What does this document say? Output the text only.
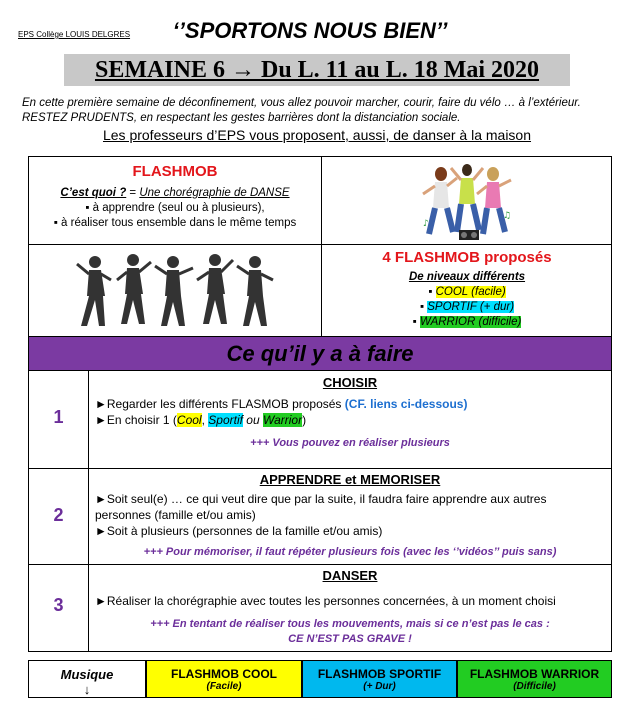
EPS Collège LOUIS DELGRES	‘’SPORTONS NOUS BIEN’’
SEMAINE 6 → Du L. 11 au L. 18 Mai 2020
En cette première semaine de déconfinement, vous allez pouvoir marcher, courir, faire du vélo … à l’extérieur. RESTEZ PRUDENTS, en respectant les gestes barrières dont la distanciation sociale.
Les professeurs d’EPS vous proposent, aussi, de danser à la maison
FLASHMOB
C’est quoi ? = Une chorégraphie de DANSE
▪ à apprendre (seul ou à plusieurs),
▪ à réaliser tous ensemble dans le même temps	♪
♫
4 FLASHMOB proposés
De niveaux différents
▪ COOL (facile)
▪ SPORTIF (+ dur)
▪ WARRIOR (difficile)
Ce qu’il y a à faire
1
CHOISIR
►Regarder les différents FLASMOB proposés (CF. liens ci-dessous)
►En choisir 1 (Cool, Sportif ou Warrior)
+++ Vous pouvez en réaliser plusieurs
2
APPRENDRE et MEMORISER
►Soit seul(e) … ce qui veut dire que par la suite, il faudra faire apprendre aux autres personnes (famille et/ou amis)
►Soit à plusieurs (personnes de la famille et/ou amis)
+++ Pour mémoriser, il faut répéter plusieurs fois (avec les ‘’vidéos’’ puis sans)
3
DANSER
►Réaliser la chorégraphie avec toutes les personnes concernées, à un moment choisi
+++ En tentant de réaliser tous les mouvements, mais si ce n’est pas le cas :
CE N’EST PAS GRAVE !
Musique
↓
FLASHMOB COOL
(Facile)
FLASHMOB SPORTIF
(+ Dur)
FLASHMOB WARRIOR
(Difficile)
